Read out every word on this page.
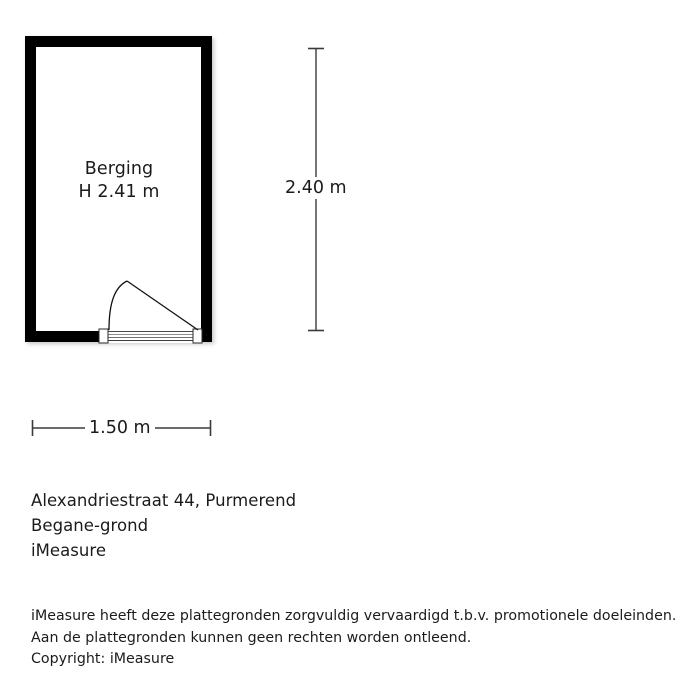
Berging
H 2.41 m	2.40 m
1.50 m
Alexandriestraat 44, Purmerend
Begane-grond
iMeasure
iMeasure heeft deze plattegronden zorgvuldig vervaardigd t.b.v. promotionele doeleinden.
Aan de plattegronden kunnen geen rechten worden ontleend.
Copyright: iMeasure
